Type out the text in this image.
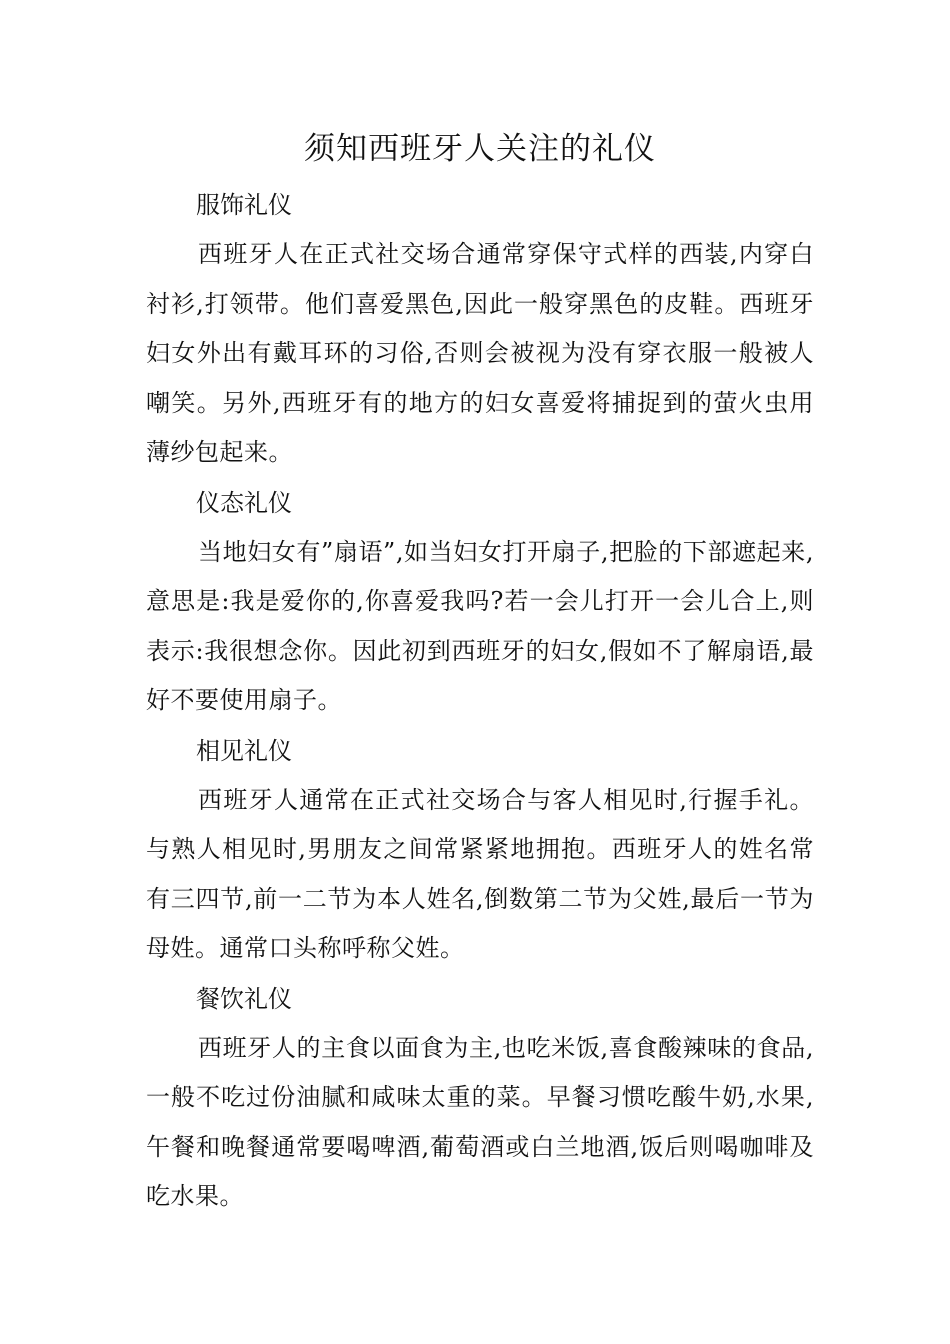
须知西班牙人关注的礼仪
服饰礼仪

西班牙人在正式社交场合通常穿保守式样的西装,内穿白衬衫,打领带。他们喜爱黑色,因此一般穿黑色的皮鞋。西班牙妇女外出有戴耳环的习俗,否则会被视为没有穿衣服一般被人嘲笑。另外,西班牙有的地方的妇女喜爱将捕捉到的萤火虫用薄纱包起来。

仪态礼仪

当地妇女有”扇语”,如当妇女打开扇子,把脸的下部遮起来,意思是:我是爱你的,你喜爱我吗?若一会儿打开一会儿合上,则表示:我很想念你。因此初到西班牙的妇女,假如不了解扇语,最好不要使用扇子。

相见礼仪

西班牙人通常在正式社交场合与客人相见时,行握手礼。与熟人相见时,男朋友之间常紧紧地拥抱。西班牙人的姓名常有三四节,前一二节为本人姓名,倒数第二节为父姓,最后一节为母姓。通常口头称呼称父姓。

餐饮礼仪

西班牙人的主食以面食为主,也吃米饭,喜食酸辣味的食品,一般不吃过份油腻和咸味太重的菜。早餐习惯吃酸牛奶,水果,午餐和晚餐通常要喝啤酒,葡萄酒或白兰地酒,饭后则喝咖啡及吃水果。
